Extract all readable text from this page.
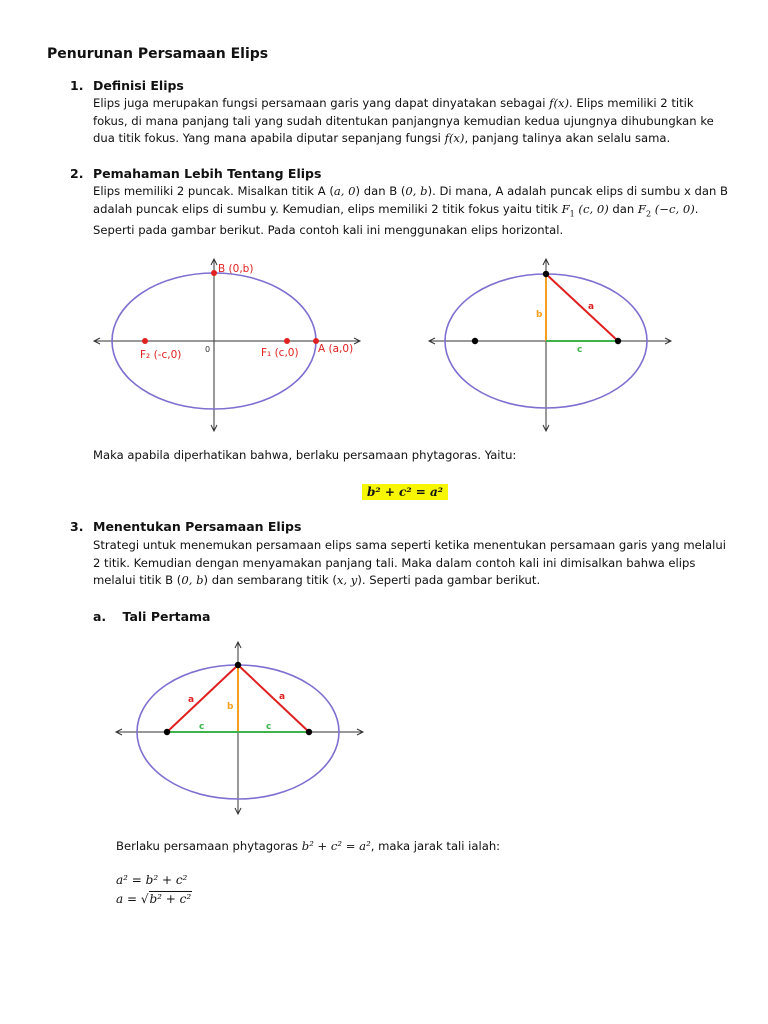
Penurunan Persamaan Elips
1. Definisi Elips

Elips juga merupakan fungsi persamaan garis yang dapat dinyatakan sebagai f(x). Elips memiliki 2 titik

fokus, di mana panjang tali yang sudah ditentukan panjangnya kemudian kedua ujungnya dihubungkan ke

dua titik fokus. Yang mana apabila diputar sepanjang fungsi f(x), panjang talinya akan selalu sama.

2. Pemahaman Lebih Tentang Elips

Elips memiliki 2 puncak. Misalkan titik A (a, 0) dan B (0, b). Di mana, A adalah puncak elips di sumbu x dan B

adalah puncak elips di sumbu y. Kemudian, elips memiliki 2 titik fokus yaitu titik $F_1$ (c, 0) dan $F_2$ (−c, 0).

Seperti pada gambar berikut. Pada contoh kali ini menggunakan elips horizontal.

B (0,b)
0
F₂ (-c,0)	F₁ (c,0) A (a,0)
a
b
c

Maka apabila diperhatikan bahwa, berlaku persamaan phytagoras. Yaitu:

b² + c² = a²
3. Menentukan Persamaan Elips

Strategi untuk menemukan persamaan elips sama seperti ketika menentukan persamaan garis yang melalui

2 titik. Kemudian dengan menyamakan panjang tali. Maka dalam contoh kali ini dimisalkan bahwa elips

melalui titik B (0, b) dan sembarang titik (x, y). Seperti pada gambar berikut.

a. Tali Pertama
a	a
b
c	c

Berlaku persamaan phytagoras b² + c² = a², maka jarak tali ialah:

a² = b² + c²
a = √b² + c²
